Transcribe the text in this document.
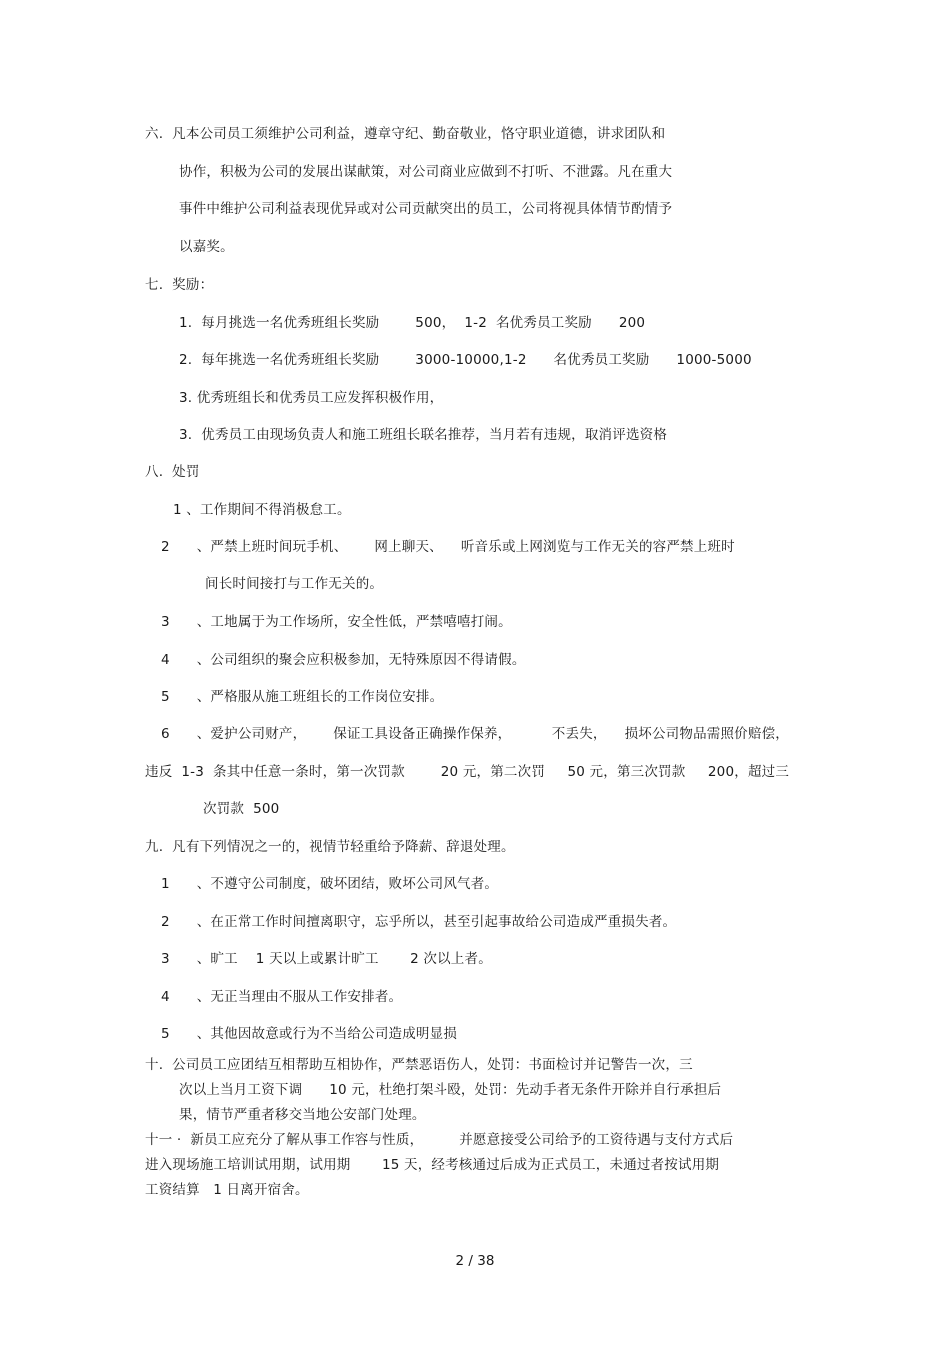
六.  凡本公司员工须维护公司利益，遵章守纪、勤奋敬业，恪守职业道德，讲求团队和
协作，积极为公司的发展出谋献策，对公司商业应做到不打听、不泄露。凡在重大
事件中维护公司利益表现优异或对公司贡献突出的员工，公司将视具体情节酌情予
以嘉奖。
七.  奖励：
1.  每月挑选一名优秀班组长奖励        500，  1-2  名优秀员工奖励      200
2.  每年挑选一名优秀班组长奖励        3000-10000,1-2      名优秀员工奖励      1000-5000
3. 优秀班组长和优秀员工应发挥积极作用，
3.  优秀员工由现场负责人和施工班组长联名推荐，当月若有违规，取消评选资格
八.  处罚
1 、工作期间不得消极怠工。
2      、严禁上班时间玩手机、      网上聊天、    听音乐或上网浏览与工作无关的容严禁上班时
间长时间接打与工作无关的。
3      、工地属于为工作场所，安全性低，严禁嘻嘻打闹。
4      、公司组织的聚会应积极参加，无特殊原因不得请假。
5      、严格服从施工班组长的工作岗位安排。
6      、爱护公司财产，      保证工具设备正确操作保养，         不丢失，    损坏公司物品需照价赔偿，
违反  1-3  条其中任意一条时，第一次罚款        20 元，第二次罚     50 元，第三次罚款     200，超过三
次罚款  500
九.  凡有下列情况之一的，视情节轻重给予降薪、辞退处理。
1      、不遵守公司制度，破坏团结，败坏公司风气者。
2      、在正常工作时间擅离职守，忘乎所以，甚至引起事故给公司造成严重损失者。
3      、旷工    1 天以上或累计旷工       2 次以上者。
4      、无正当理由不服从工作安排者。
5      、其他因故意或行为不当给公司造成明显损
十.  公司员工应团结互相帮助互相协作，严禁恶语伤人，处罚：书面检讨并记警告一次，三
次以上当月工资下调      10 元，杜绝打架斗殴，处罚：先动手者无条件开除并自行承担后
果，情节严重者移交当地公安部门处理。
十一 ·  新员工应充分了解从事工作容与性质，        并愿意接受公司给予的工资待遇与支付方式后
进入现场施工培训试用期，试用期       15 天，经考核通过后成为正式员工，未通过者按试用期
工资结算   1 日离开宿舍。
2 / 38
